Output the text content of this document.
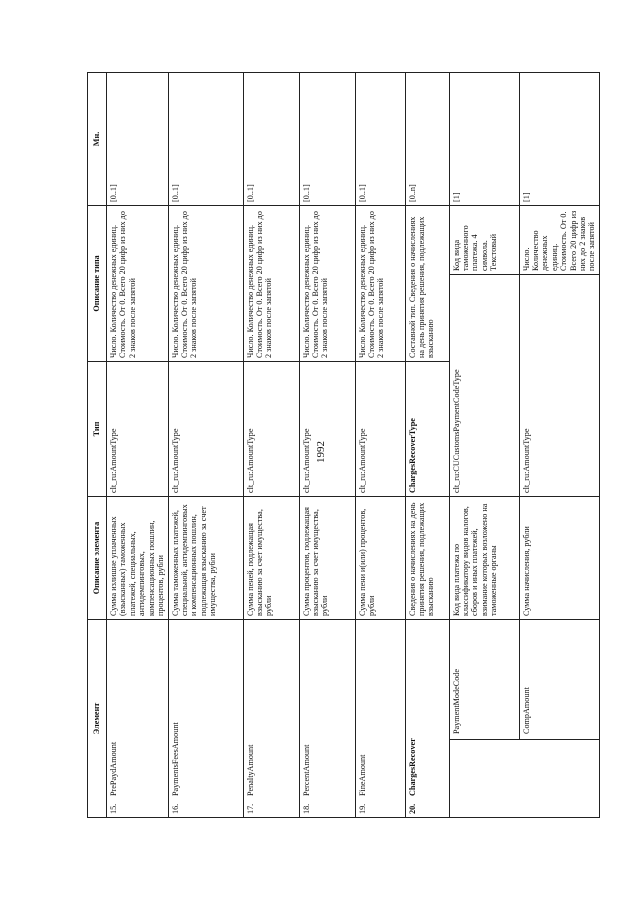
1992
Элемент		Описание элемента	Тип	Описание типа		Мн.
15.PrePaydAmount		Сумма излишне уплаченных (взысканных) таможенных платежей, специальных, антидемпинговых, компенсационных пошлин, процентов, рубли	clt_ru:AmountType	Число. Количество денежных единиц. Стоимость. От 0. Всего 20 цифр из них до 2 знаков после запятой		[0..1]
16.PaymentsFeesAmount		Сумма таможенных платежей, специальной, антидемпинговых и компенсационных пошлин, подлежащая взысканию за счет имущества, рубли	clt_ru:AmountType	Число. Количество денежных единиц. Стоимость. От 0. Всего 20 цифр из них до 2 знаков после запятой		[0..1]
17.PenaltyAmount		Сумма пеней, подлежащая взысканию за счет имущества, рубли	clt_ru:AmountType	Число. Количество денежных единиц. Стоимость. От 0. Всего 20 цифр из них до 2 знаков после запятой		[0..1]
18.PercentAmount		Сумма процентов, подлежащая взысканию за счет имущества, рубли	clt_ru:AmountType	Число. Количество денежных единиц. Стоимость. От 0. Всего 20 цифр из них до 2 знаков после запятой		[0..1]
19.FineAmount		Сумма пени и(или) процентов, рубли	clt_ru:AmountType	Число. Количество денежных единиц. Стоимость. От 0. Всего 20 цифр из них до 2 знаков после запятой		[0..1]
20.ChargesRecover		Сведения о начислениях на день принятия решения, подлежащих взысканию	ChargesRecoverType	Составной тип. Сведения о начислениях на день принятия решения, подлежащих взысканию		[0..n]
	PaymentModeCode	Код вида платежа по классификатору видов налогов, сборов и иных платежей, взимание которых возложено на таможенные органы	clt_ru:CUCustomsPaymentCodeType		Код вида таможенного платежа. 4 символа. Текстовый	[1]
	CompAmount	Сумма начисления, рубли	clt_ru:AmountType		Число. Количество денежных единиц. Стоимость. От 0. Всего 20 цифр из них до 2 знаков после запятой	[1]
